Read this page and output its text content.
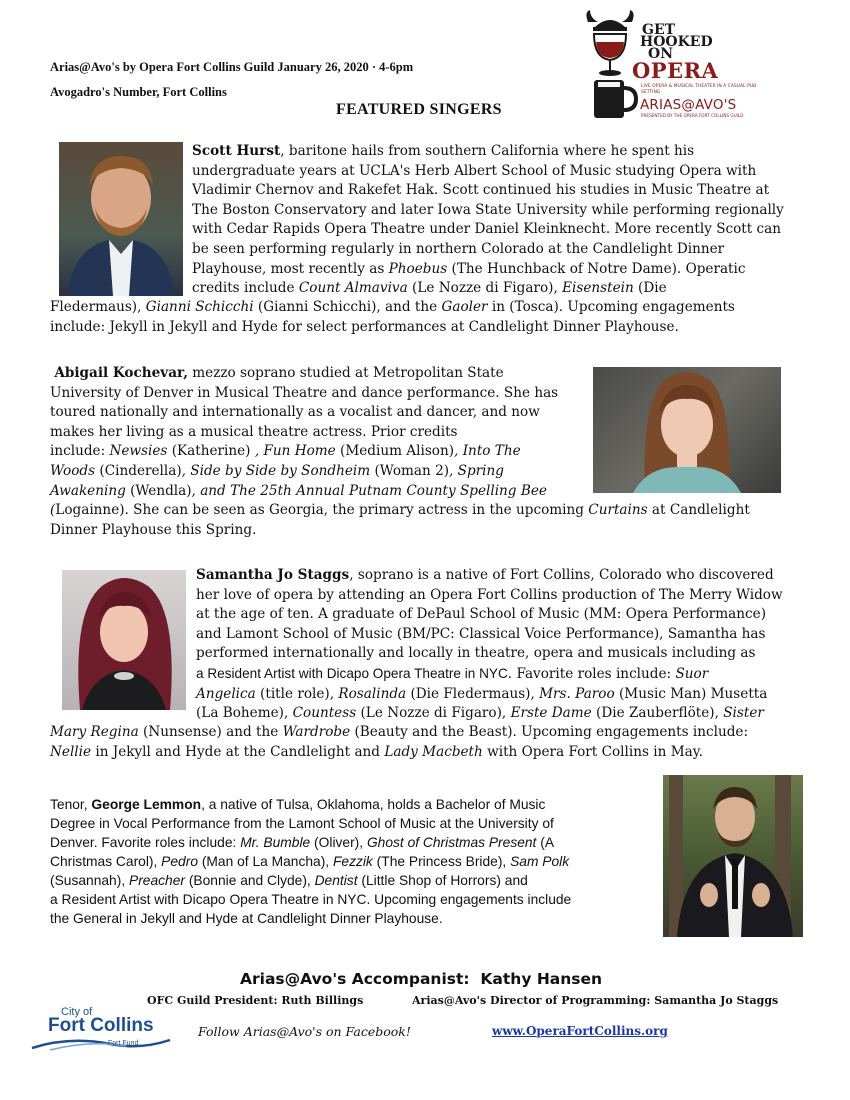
Arias@Avo's by Opera Fort Collins Guild January 26, 2020 · 4-6pm
Avogadro's Number, Fort Collins
FEATURED SINGERS
GET
HOOKED
ON
OPERA
LIVE OPERA & MUSICAL THEATER IN A CASUAL PUB SETTING
ARIAS@AVO'S
PRESENTED BY THE OPERA FORT COLLINS GUILD

Scott Hurst, baritone hails from southern California where he spent his

undergraduate years at UCLA's Herb Albert School of Music studying Opera with

Vladimir Chernov and Rakefet Hak. Scott continued his studies in Music Theatre at

The Boston Conservatory and later Iowa State University while performing regionally

with Cedar Rapids Opera Theatre under Daniel Kleinknecht. More recently Scott can

be seen performing regularly in northern Colorado at the Candlelight Dinner

Playhouse, most recently as Phoebus (The Hunchback of Notre Dame). Operatic

credits include Count Almaviva (Le Nozze di Figaro), Eisenstein (Die

Fledermaus), Gianni Schicchi (Gianni Schicchi), and the Gaoler in (Tosca). Upcoming engagements

include: Jekyll in Jekyll and Hyde for select performances at Candlelight Dinner Playhouse.

Abigail Kochevar, mezzo soprano studied at Metropolitan State

University of Denver in Musical Theatre and dance performance. She has

toured nationally and internationally as a vocalist and dancer, and now

makes her living as a musical theatre actress. Prior credits

include: Newsies (Katherine) , Fun Home (Medium Alison), Into The

Woods (Cinderella), Side by Side by Sondheim (Woman 2), Spring

Awakening (Wendla), and The 25th Annual Putnam County Spelling Bee

(Logainne). She can be seen as Georgia, the primary actress in the upcoming Curtains at Candlelight

Dinner Playhouse this Spring.

Samantha Jo Staggs, soprano is a native of Fort Collins, Colorado who discovered

her love of opera by attending an Opera Fort Collins production of The Merry Widow

at the age of ten. A graduate of DePaul School of Music (MM: Opera Performance)

and Lamont School of Music (BM/PC: Classical Voice Performance), Samantha has

performed internationally and locally in theatre, opera and musicals including as

a Resident Artist with Dicapo Opera Theatre in NYC. Favorite roles include: Suor

Angelica (title role), Rosalinda (Die Fledermaus), Mrs. Paroo (Music Man) Musetta

(La Boheme), Countess (Le Nozze di Figaro), Erste Dame (Die Zauberflöte), Sister

Mary Regina (Nunsense) and the Wardrobe (Beauty and the Beast). Upcoming engagements include:

Nellie in Jekyll and Hyde at the Candlelight and Lady Macbeth with Opera Fort Collins in May.

Tenor, George Lemmon, a native of Tulsa, Oklahoma, holds a Bachelor of Music

Degree in Vocal Performance from the Lamont School of Music at the University of

Denver. Favorite roles include: Mr. Bumble (Oliver), Ghost of Christmas Present (A

Christmas Carol), Pedro (Man of La Mancha), Fezzik (The Princess Bride), Sam Polk

(Susannah), Preacher (Bonnie and Clyde), Dentist (Little Shop of Horrors) and

a Resident Artist with Dicapo Opera Theatre in NYC. Upcoming engagements include

the General in Jekyll and Hyde at Candlelight Dinner Playhouse.

Arias@Avo's Accompanist: Kathy Hansen
OFC Guild President: Ruth Billings	Arias@Avo's Director of Programming: Samantha Jo Staggs
City of
Fort Collins
Fort Fund
Follow Arias@Avo's on Facebook!	www.OperaFortCollins.org
